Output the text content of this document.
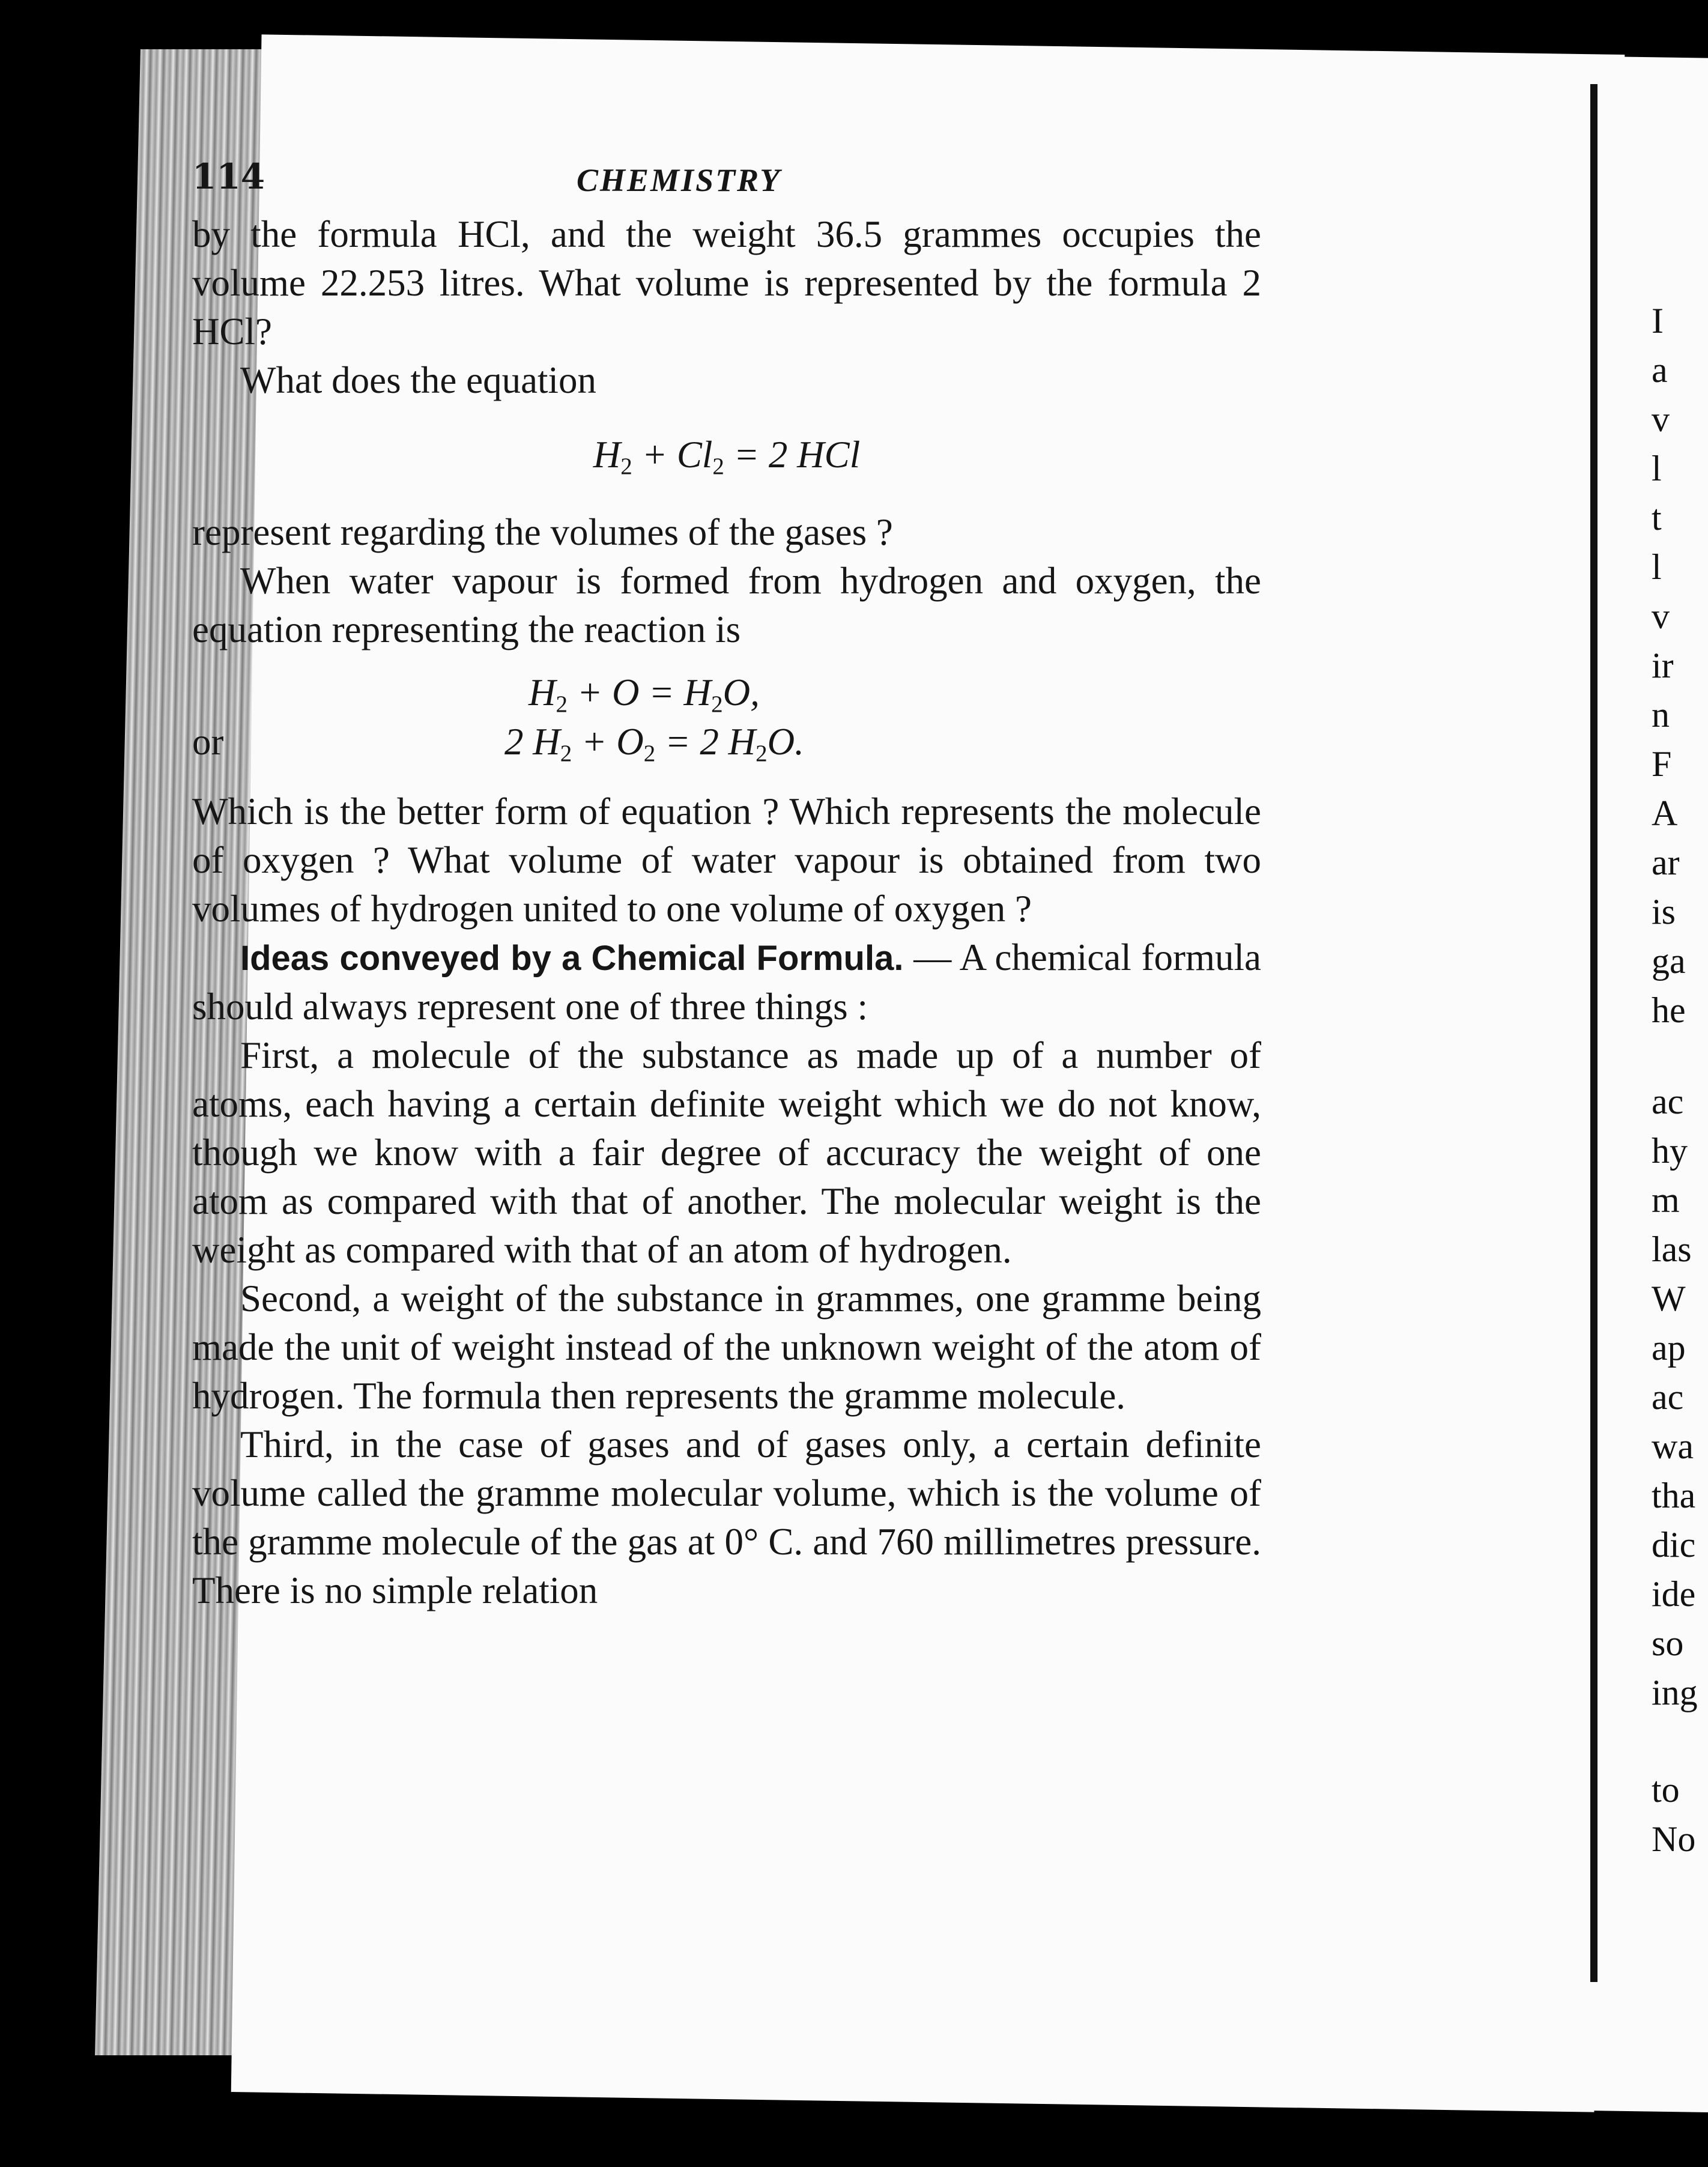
114	CHEMISTRY

by the formula HCl, and the weight 36.5 grammes occupies the volume 22.253 litres. What volume is represented by the formula 2 HCl?

What does the equation

$H_2 + Cl_2 = 2$ HCl

represent regarding the volumes of the gases ?

When water vapour is formed from hydrogen and oxygen, the equation representing the reaction is

$H_2 + O = H_2O$,
or	2 $H_2 + O_2 = 2$ $H_2O$.

Which is the better form of equation ? Which represents the molecule of oxygen ? What volume of water vapour is obtained from two volumes of hydrogen united to one volume of oxygen ?

Ideas conveyed by a Chemical Formula. — A chemical formula should always represent one of three things :

First, a molecule of the substance as made up of a number of atoms, each having a certain definite weight which we do not know, though we know with a fair degree of accuracy the weight of one atom as compared with that of another. The molecular weight is the weight as compared with that of an atom of hydrogen.

Second, a weight of the substance in grammes, one gramme being made the unit of weight instead of the unknown weight of the atom of hydrogen. The formula then represents the gramme molecule.

Third, in the case of gases and of gases only, a certain definite volume called the gramme molecular volume, which is the volume of the gramme molecule of the gas at 0° C. and 760 millimetres pressure. There is no simple relation

I
a
v
l
t
l
v
ir
n
F
A
ar
is
ga
he
ac
hy
m
las
W
ap
ac
wa
tha
dic
ide
so
ing
to
No
